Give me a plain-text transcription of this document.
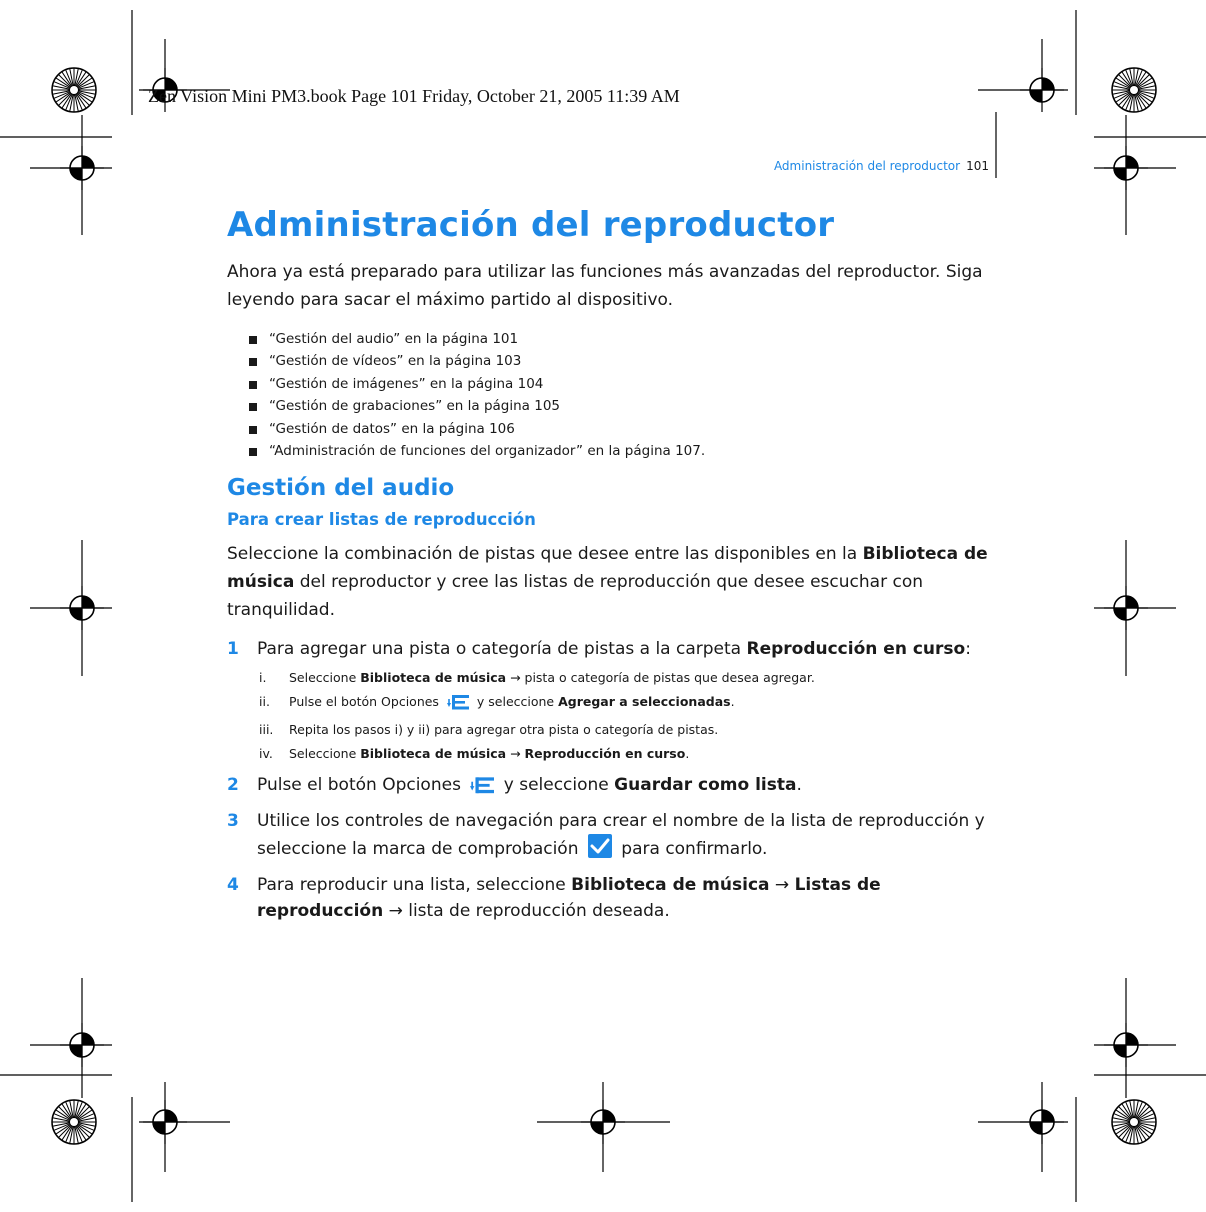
Zen Vision Mini PM3.book Page 101 Friday, October 21, 2005 11:39 AM
Administración del reproductor 101
Administración del reproductor

Ahora ya está preparado para utilizar las funciones más avanzadas del reproductor. Siga leyendo para sacar el máximo partido al dispositivo.

“Gestión del audio” en la página 101
“Gestión de vídeos” en la página 103
“Gestión de imágenes” en la página 104
“Gestión de grabaciones” en la página 105
“Gestión de datos” en la página 106
“Administración de funciones del organizador” en la página 107.
Gestión del audio
Para crear listas de reproducción

Seleccione la combinación de pistas que desee entre las disponibles en la Biblioteca de música del reproductor y cree las listas de reproducción que desee escuchar con tranquilidad.

1 Para agregar una pista o categoría de pistas a la carpeta Reproducción en curso:
i. Seleccione Biblioteca de música → pista o categoría de pistas que desea agregar.
ii. Pulse el botón Opciones  y seleccione Agregar a seleccionadas.
iii. Repita los pasos i) y ii) para agregar otra pista o categoría de pistas.
iv. Seleccione Biblioteca de música → Reproducción en curso.
2 Pulse el botón Opciones  y seleccione Guardar como lista.
3 Utilice los controles de navegación para crear el nombre de la lista de reproducción y seleccione la marca de comprobación  para confirmarlo.
4 Para reproducir una lista, seleccione Biblioteca de música → Listas de reproducción → lista de reproducción deseada.
